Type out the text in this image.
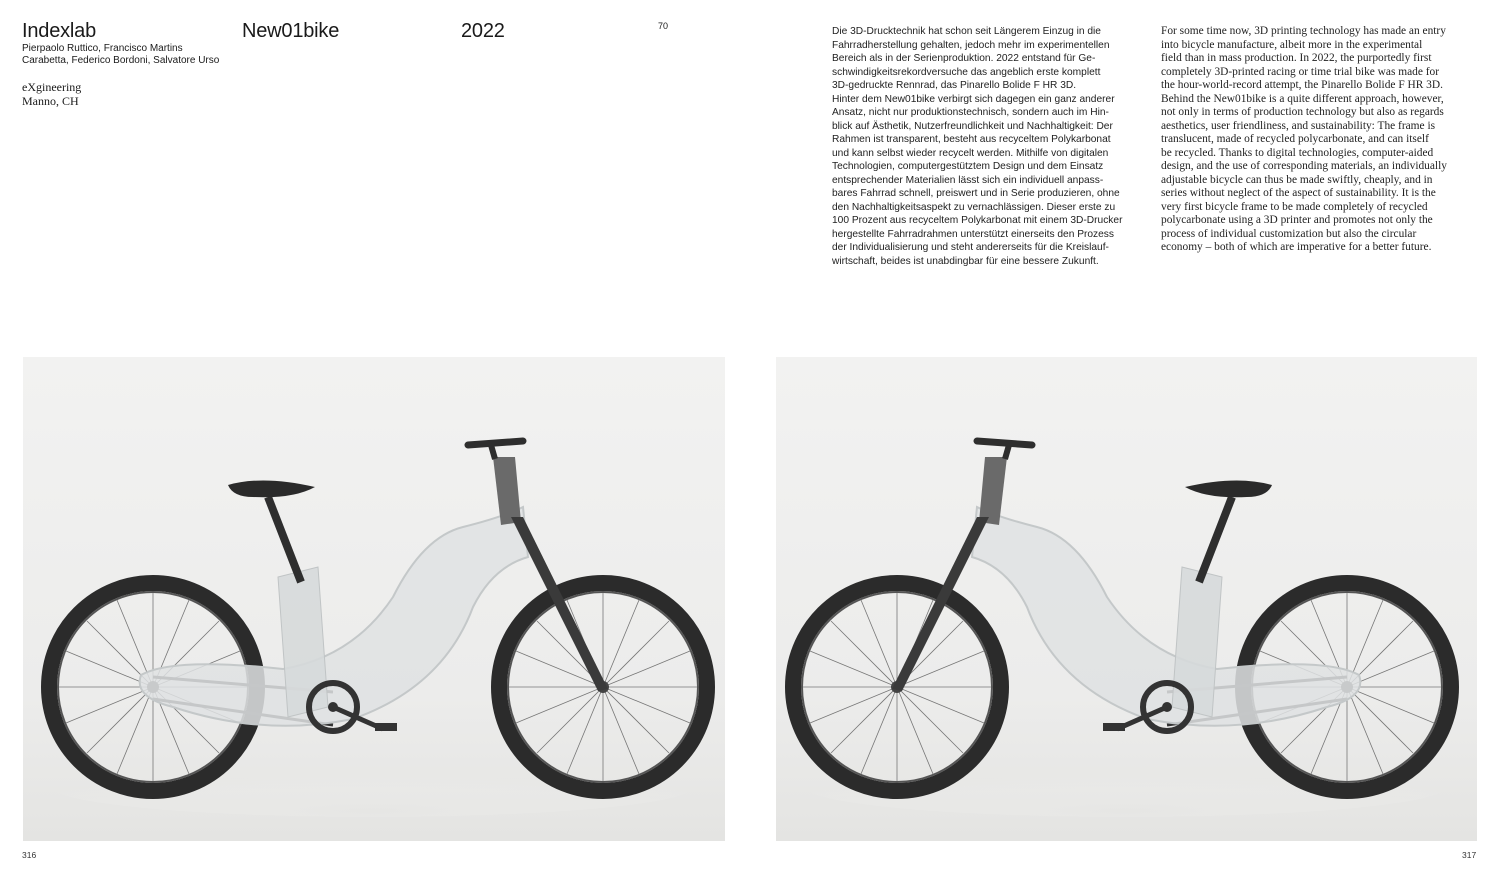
Indexlab	New01bike	2022	70
Pierpaolo Ruttico, Francisco Martins
Carabetta, Federico Bordoni, Salvatore Urso
eXgineering
Manno, CH

Die 3D-Drucktechnik hat schon seit Längerem Einzug in die

Fahrradherstellung gehalten, jedoch mehr im experimentellen

Bereich als in der Serienproduktion. 2022 entstand für Ge-

schwindigkeitsrekordversuche das angeblich erste komplett

3D-gedruckte Rennrad, das Pinarello Bolide F HR 3D.

Hinter dem New01bike verbirgt sich dagegen ein ganz anderer

Ansatz, nicht nur produktionstechnisch, sondern auch im Hin-

blick auf Ästhetik, Nutzerfreundlichkeit und Nachhaltigkeit: Der

Rahmen ist transparent, besteht aus recyceltem Polykarbonat

und kann selbst wieder recycelt werden. Mithilfe von digitalen

Technologien, computergestütztem Design und dem Einsatz

entsprechender Materialien lässt sich ein individuell anpass-

bares Fahrrad schnell, preiswert und in Serie produzieren, ohne

den Nachhaltigkeitsaspekt zu vernachlässigen. Dieser erste zu

100 Prozent aus recyceltem Polykarbonat mit einem 3D-Drucker

hergestellte Fahrradrahmen unterstützt einerseits den Prozess

der Individualisierung und steht andererseits für die Kreislauf-

wirtschaft, beides ist unabdingbar für eine bessere Zukunft.

For some time now, 3D printing technology has made an entry

into bicycle manufacture, albeit more in the experimental

field than in mass production. In 2022, the purportedly first

completely 3D-printed racing or time trial bike was made for

the hour-world-record attempt, the Pinarello Bolide F HR 3D.

Behind the New01bike is a quite different approach, however,

not only in terms of production technology but also as regards

aesthetics, user friendliness, and sustainability: The frame is

translucent, made of recycled polycarbonate, and can itself

be recycled. Thanks to digital technologies, computer-aided

design, and the use of corresponding materials, an individually

adjustable bicycle can thus be made swiftly, cheaply, and in

series without neglect of the aspect of sustainability. It is the

very first bicycle frame to be made completely of recycled

polycarbonate using a 3D printer and promotes not only the

process of individual customization but also the circular

economy – both of which are imperative for a better future.

316	317
